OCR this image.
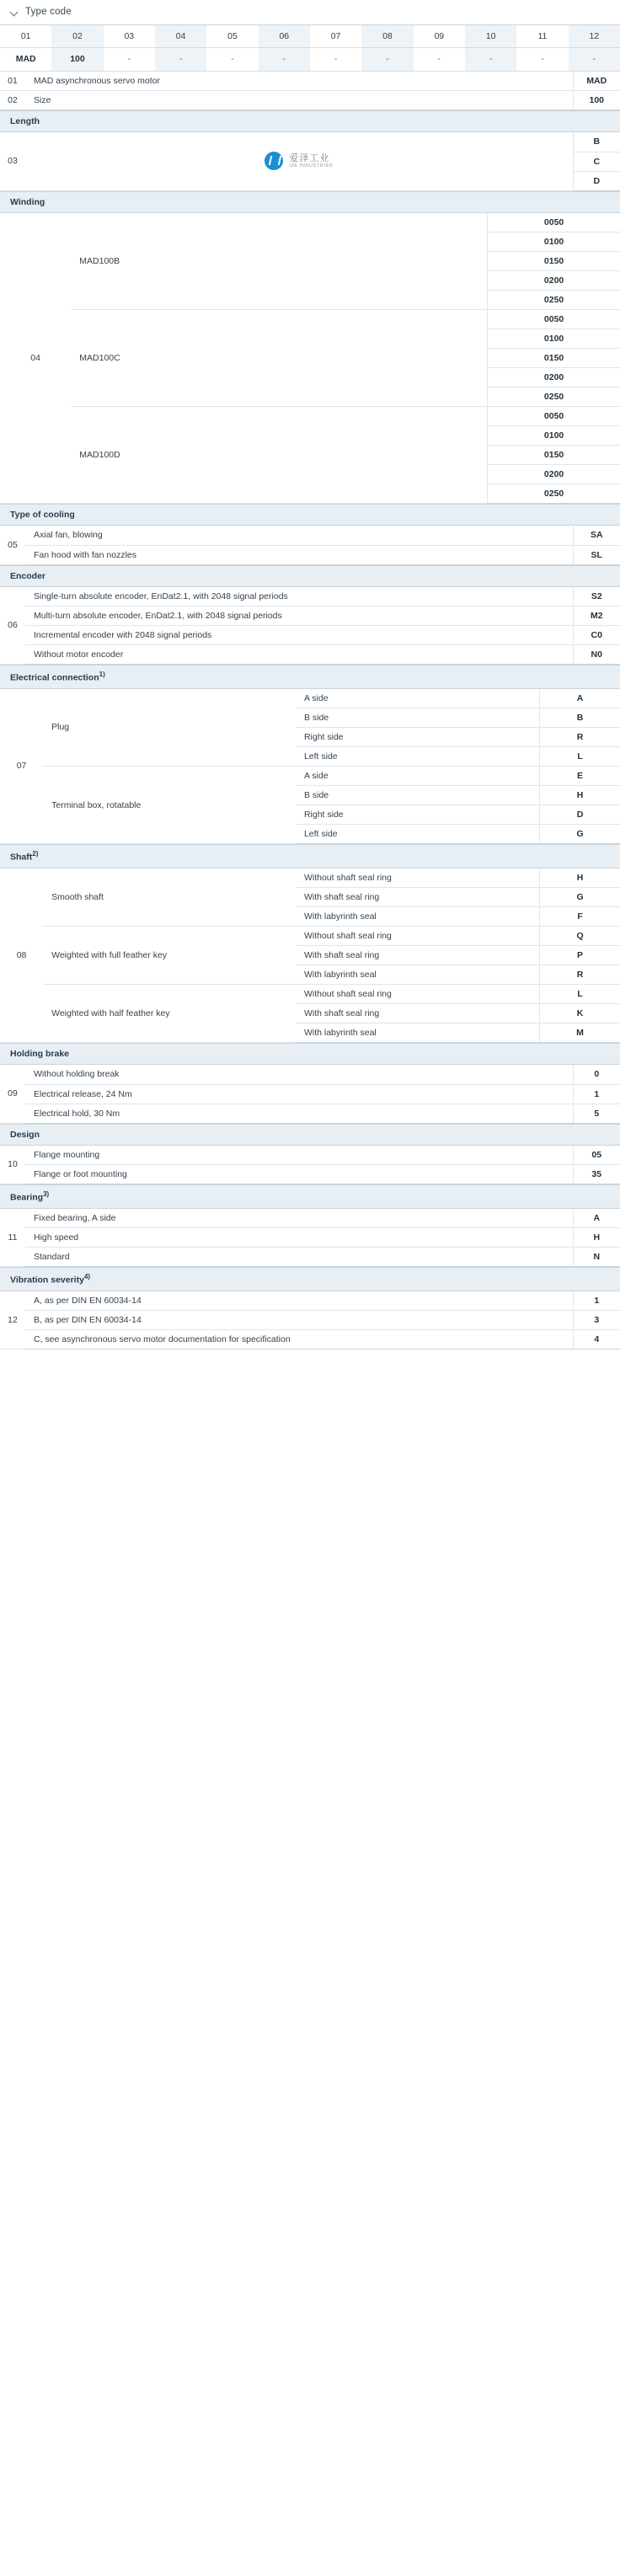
Type code
01	02	03	04	05	06	07	08	09	10	11	12
MAD	100	-	-	-	-	-	-	-	-	-	-
01	MAD asynchronous servo motor	MAD
02	Size	100
Length
03	爱泽工业
IZE INDUSTRIES
	B
C
D
Winding
04	MAD100B	0050
		0100
		0150
		0200
		0250
	MAD100C	0050
		0100
		0150
		0200
		0250
	MAD100D	0050
		0100
		0150
		0200
		0250
Type of cooling
05	Axial fan, blowing	SA
	Fan hood with fan nozzles	SL
Encoder
06	Single-turn absolute encoder, EnDat2.1, with 2048 signal periods	S2
	Multi-turn absolute encoder, EnDat2.1, with 2048 signal periods	M2
	Incremental encoder with 2048 signal periods	C0
	Without motor encoder	N0
Electrical connection$^{1)}$
07	Plug	A side	A
		B side	B
		Right side	R
		Left side	L
	Terminal box, rotatable	A side	E
		B side	H
		Right side	D
		Left side	G
Shaft$^{2)}$
08	Smooth shaft	Without shaft seal ring	H
		With shaft seal ring	G
		With labyrinth seal	F
	Weighted with full feather key	Without shaft seal ring	Q
		With shaft seal ring	P
		With labyrinth seal	R
	Weighted with half feather key	Without shaft seal ring	L
		With shaft seal ring	K
		With labyrinth seal	M
Holding brake
09	Without holding break	0
	Electrical release, 24 Nm	1
	Electrical hold, 30 Nm	5
Design
10	Flange mounting	05
	Flange or foot mounting	35
Bearing$^{3)}$
11	Fixed bearing, A side	A
	High speed	H
	Standard	N
Vibration severity$^{4)}$
12	A, as per DIN EN 60034-14	1
	B, as per DIN EN 60034-14	3
	C, see asynchronous servo motor documentation for specification	4
